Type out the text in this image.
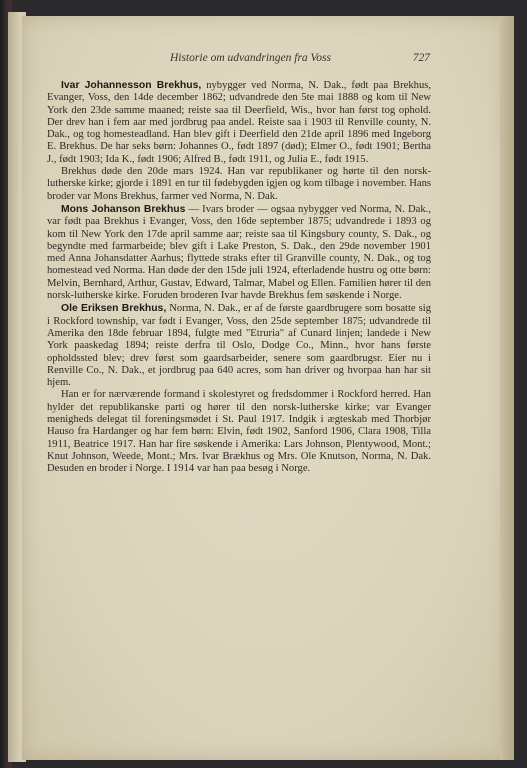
Historie om udvandringen fra Voss	727

Ivar Johannesson Brekhus, nybygger ved Norma, N. Dak., født paa Brekhus, Evanger, Voss, den 14de december 1862; udvandrede den 5te mai 1888 og kom til New York den 23de samme maaned; reiste saa til Deerfield, Wis., hvor han først tog ophold. Der drev han i fem aar med jordbrug paa andel. Reiste saa i 1903 til Renville county, N. Dak., og tog homesteadland. Han blev gift i Deerfield den 21de april 1896 med Ingeborg E. Brekhus. De har seks børn: Johannes O., født 1897 (død); Elmer O., født 1901; Bertha J., født 1903; Ida K., født 1906; Alfred B., født 1911, og Julia E., født 1915.

Brekhus døde den 20de mars 1924. Han var republikaner og hørte til den norsk-lutherske kirke; gjorde i 1891 en tur til fødebygden igjen og kom tilbage i november. Hans broder var Mons Brekhus, farmer ved Norma, N. Dak.

Mons Johanson Brekhus — Ivars broder — ogsaa nybygger ved Norma, N. Dak., var født paa Brekhus i Evanger, Voss, den 16de september 1875; udvandrede i 1893 og kom til New York den 17de april samme aar; reiste saa til Kingsbury county, S. Dak., og begyndte med farmarbeide; blev gift i Lake Preston, S. Dak., den 29de november 1901 med Anna Johansdatter Aarhus; flyttede straks efter til Granville county, N. Dak., og tog homestead ved Norma. Han døde der den 15de juli 1924, efterladende hustru og otte børn: Melvin, Bernhard, Arthur, Gustav, Edward, Talmar, Mabel og Ellen. Familien hører til den norsk-lutherske kirke. Foruden broderen Ivar havde Brekhus fem søskende i Norge.

Ole Eriksen Brekhus, Norma, N. Dak., er af de første gaardbrugere som bosatte sig i Rockford township, var født i Evanger, Voss, den 25de september 1875; udvandrede til Amerika den 18de februar 1894, fulgte med "Etruria" af Cunard linjen; landede i New York paaskedag 1894; reiste derfra til Oslo, Dodge Co., Minn., hvor hans første opholdssted blev; drev først som gaardsarbeider, senere som gaardbrugsr. Eier nu i Renville Co., N. Dak., et jordbrug paa 640 acres, som han driver og hvorpaa han har sit hjem.

Han er for nærværende formand i skolestyret og fredsdommer i Rockford herred. Han hylder det republikanske parti og hører til den norsk-lutherske kirke; var Evanger menigheds delegat til foreningsmødet i St. Paul 1917. Indgik i ægteskab med Thorbjør Hauso fra Hardanger og har fem børn: Elvin, født 1902, Sanford 1906, Clara 1908, Tilla 1911, Beatrice 1917. Han har fire søskende i Amerika: Lars Johnson, Plentywood, Mont.; Knut Johnson, Weede, Mont.; Mrs. Ivar Brækhus og Mrs. Ole Knutson, Norma, N. Dak. Desuden en broder i Norge. I 1914 var han paa besøg i Norge.
